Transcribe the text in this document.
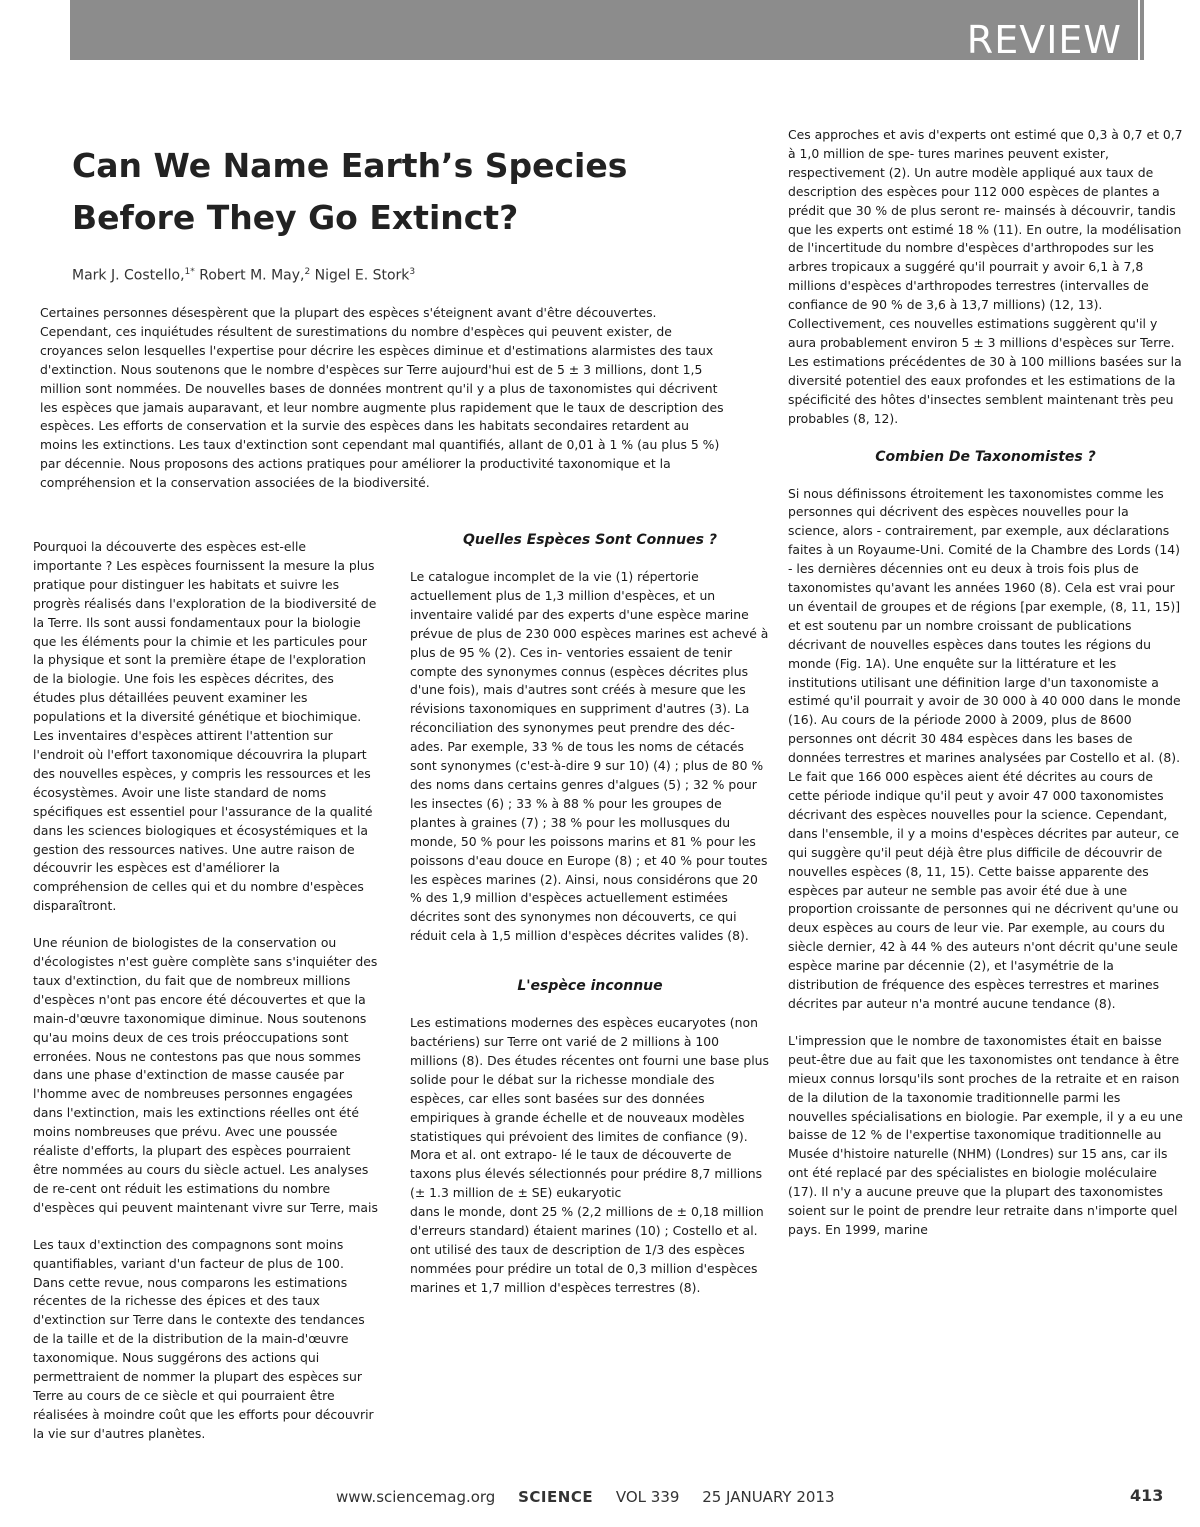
REVIEW
Can We Name Earth’s Species Before They Go Extinct?
Mark J. Costello,$^{1*}$ Robert M. May,$^2$ Nigel E. Stork$^3$

Certaines personnes désespèrent que la plupart des espèces s'éteignent avant d'être découvertes. Cependant, ces inquiétudes résultent de surestimations du nombre d'espèces qui peuvent exister, de croyances selon lesquelles l'expertise pour décrire les espèces diminue et d'estimations alarmistes des taux d'extinction. Nous soutenons que le nombre d'espèces sur Terre aujourd'hui est de 5 ± 3 millions, dont 1,5 million sont nommées. De nouvelles bases de données montrent qu'il y a plus de taxonomistes qui décrivent les espèces que jamais auparavant, et leur nombre augmente plus rapidement que le taux de description des espèces. Les efforts de conservation et la survie des espèces dans les habitats secondaires retardent au moins les extinctions. Les taux d'extinction sont cependant mal quantifiés, allant de 0,01 à 1 % (au plus 5 %) par décennie. Nous proposons des actions pratiques pour améliorer la productivité taxonomique et la compréhension et la conservation associées de la biodiversité.

Pourquoi la découverte des espèces est-elle importante ? Les espèces fournissent la mesure la plus pratique pour distinguer les habitats et suivre les progrès réalisés dans l'exploration de la biodiversité de la Terre. Ils sont aussi fondamentaux pour la biologie que les éléments pour la chimie et les particules pour la physique et sont la première étape de l'exploration de la biologie. Une fois les espèces décrites, des études plus détaillées peuvent examiner les populations et la diversité génétique et biochimique. Les inventaires d'espèces attirent l'attention sur l'endroit où l'effort taxonomique découvrira la plupart des nouvelles espèces, y compris les ressources et les écosystèmes. Avoir une liste standard de noms spécifiques est essentiel pour l'assurance de la qualité dans les sciences biologiques et écosystémiques et la gestion des ressources natives. Une autre raison de découvrir les espèces est d'améliorer la compréhension de celles qui et du nombre d'espèces disparaîtront.

Une réunion de biologistes de la conservation ou d'écologistes n'est guère complète sans s'inquiéter des taux d'extinction, du fait que de nombreux millions d'espèces n'ont pas encore été découvertes et que la main-d'œuvre taxonomique diminue. Nous soutenons qu'au moins deux de ces trois préoccupations sont erronées. Nous ne contestons pas que nous sommes dans une phase d'extinction de masse causée par l'homme avec de nombreuses personnes engagées dans l'extinction, mais les extinctions réelles ont été moins nombreuses que prévu. Avec une poussée réaliste d'efforts, la plupart des espèces pourraient être nommées au cours du siècle actuel. Les analyses de re-cent ont réduit les estimations du nombre d'espèces qui peuvent maintenant vivre sur Terre, mais

Les taux d'extinction des compagnons sont moins quantifiables, variant d'un facteur de plus de 100. Dans cette revue, nous comparons les estimations récentes de la richesse des épices et des taux d'extinction sur Terre dans le contexte des tendances de la taille et de la distribution de la main-d'œuvre taxonomique. Nous suggérons des actions qui permettraient de nommer la plupart des espèces sur Terre au cours de ce siècle et qui pourraient être réalisées à moindre coût que les efforts pour découvrir la vie sur d'autres planètes.

Quelles Espèces Sont Connues ?

Le catalogue incomplet de la vie (1) répertorie actuellement plus de 1,3 million d'espèces, et un inventaire validé par des experts d'une espèce marine prévue de plus de 230 000 espèces marines est achevé à plus de 95 % (2). Ces in- ventories essaient de tenir compte des synonymes connus (espèces décrites plus d'une fois), mais d'autres sont créés à mesure que les révisions taxonomiques en suppriment d'autres (3). La réconciliation des synonymes peut prendre des déc- ades. Par exemple, 33 % de tous les noms de cétacés sont synonymes (c'est-à-dire 9 sur 10) (4) ; plus de 80 % des noms dans certains genres d'algues (5) ; 32 % pour les insectes (6) ; 33 % à 88 % pour les groupes de plantes à graines (7) ; 38 % pour les mollusques du monde, 50 % pour les poissons marins et 81 % pour les poissons d'eau douce en Europe (8) ; et 40 % pour toutes les espèces marines (2). Ainsi, nous considérons que 20 % des 1,9 million d'espèces actuellement estimées décrites sont des synonymes non découverts, ce qui réduit cela à 1,5 million d'espèces décrites valides (8).

L'espèce inconnue

Les estimations modernes des espèces eucaryotes (non bactériens) sur Terre ont varié de 2 millions à 100 millions (8). Des études récentes ont fourni une base plus solide pour le débat sur la richesse mondiale des espèces, car elles sont basées sur des données empiriques à grande échelle et de nouveaux modèles statistiques qui prévoient des limites de confiance (9). Mora et al. ont extrapo- lé le taux de découverte de taxons plus élevés sélectionnés pour prédire 8,7 millions (± 1.3 million de ± SE) eukaryotic

dans le monde, dont 25 % (2,2 millions de ± 0,18 million d'erreurs standard) étaient marines (10) ; Costello et al. ont utilisé des taux de description de 1/3 des espèces nommées pour prédire un total de 0,3 million d'espèces marines et 1,7 million d'espèces terrestres (8).

Ces approches et avis d'experts ont estimé que 0,3 à 0,7 et 0,7 à 1,0 million de spe- tures marines peuvent exister, respectivement (2). Un autre modèle appliqué aux taux de description des espèces pour 112 000 espèces de plantes a prédit que 30 % de plus seront re- mainsés à découvrir, tandis que les experts ont estimé 18 % (11). En outre, la modélisation de l'incertitude du nombre d'espèces d'arthropodes sur les arbres tropicaux a suggéré qu'il pourrait y avoir 6,1 à 7,8 millions d'espèces d'arthropodes terrestres (intervalles de confiance de 90 % de 3,6 à 13,7 millions) (12, 13). Collectivement, ces nouvelles estimations suggèrent qu'il y aura probablement environ 5 ± 3 millions d'espèces sur Terre. Les estimations précédentes de 30 à 100 millions basées sur la diversité potentiel des eaux profondes et les estimations de la spécificité des hôtes d'insectes semblent maintenant très peu probables (8, 12).

Combien De Taxonomistes ?

Si nous définissons étroitement les taxonomistes comme les personnes qui décrivent des espèces nouvelles pour la science, alors - contrairement, par exemple, aux déclarations faites à un Royaume-Uni. Comité de la Chambre des Lords (14) - les dernières décennies ont eu deux à trois fois plus de taxonomistes qu'avant les années 1960 (8). Cela est vrai pour un éventail de groupes et de régions [par exemple, (8, 11, 15)] et est soutenu par un nombre croissant de publications décrivant de nouvelles espèces dans toutes les régions du monde (Fig. 1A). Une enquête sur la littérature et les institutions utilisant une définition large d'un taxonomiste a estimé qu'il pourrait y avoir de 30 000 à 40 000 dans le monde (16). Au cours de la période 2000 à 2009, plus de 8600 personnes ont décrit 30 484 espèces dans les bases de données terrestres et marines analysées par Costello et al. (8). Le fait que 166 000 espèces aient été décrites au cours de cette période indique qu'il peut y avoir 47 000 taxonomistes décrivant des espèces nouvelles pour la science. Cependant, dans l'ensemble, il y a moins d'espèces décrites par auteur, ce qui suggère qu'il peut déjà être plus difficile de découvrir de nouvelles espèces (8, 11, 15). Cette baisse apparente des espèces par auteur ne semble pas avoir été due à une proportion croissante de personnes qui ne décrivent qu'une ou deux espèces au cours de leur vie. Par exemple, au cours du siècle dernier, 42 à 44 % des auteurs n'ont décrit qu'une seule espèce marine par décennie (2), et l'asymétrie de la distribution de fréquence des espèces terrestres et marines décrites par auteur n'a montré aucune tendance (8).

L'impression que le nombre de taxonomistes était en baisse peut-être due au fait que les taxonomistes ont tendance à être mieux connus lorsqu'ils sont proches de la retraite et en raison de la dilution de la taxonomie traditionnelle parmi les nouvelles spécialisations en biologie. Par exemple, il y a eu une baisse de 12 % de l'expertise taxonomique traditionnelle au Musée d'histoire naturelle (NHM) (Londres) sur 15 ans, car ils ont été replacé par des spécialistes en biologie moléculaire (17). Il n'y a aucune preuve que la plupart des taxonomistes soient sur le point de prendre leur retraite dans n'importe quel pays. En 1999, marine

www.sciencemag.org SCIENCE VOL 339 25 JANUARY 2013	413
